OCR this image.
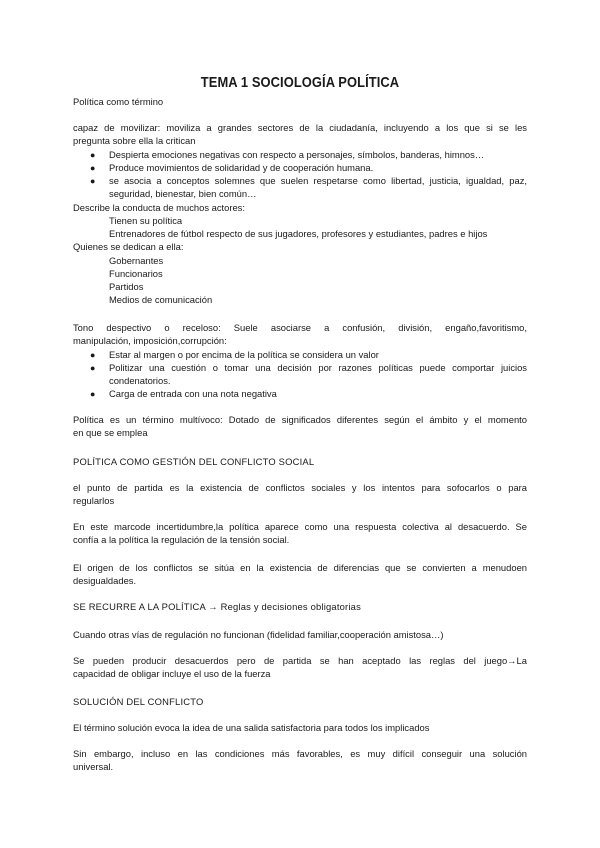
TEMA 1 SOCIOLOGÍA POLÍTICA
Política como término
capaz de movilizar: moviliza a grandes sectores de la ciudadanía, incluyendo a los que si se les
pregunta sobre ella la critican
● Despierta emociones negativas con respecto a personajes, símbolos, banderas, himnos…
● Produce movimientos de solidaridad y de cooperación humana.
● se asocia a conceptos solemnes que suelen respetarse como libertad, justicia, igualdad, paz,
seguridad, bienestar, bien común…
Describe la conducta de muchos actores:
Tienen su política
Entrenadores de fútbol respecto de sus jugadores, profesores y estudiantes, padres e hijos
Quienes se dedican a ella:
Gobernantes
Funcionarios
Partidos
Medios de comunicación
Tono despectivo o receloso: Suele asociarse a confusión, división, engaño,favoritismo,
manipulación, imposición,corrupción:
● Estar al margen o por encima de la política se considera un valor
● Politizar una cuestión o tomar una decisión por razones políticas puede comportar juicios
condenatorios.
● Carga de entrada con una nota negativa
Política es un término multívoco: Dotado de significados diferentes según el ámbito y el momento
en que se emplea
POLÍTICA COMO GESTIÓN DEL CONFLICTO SOCIAL
el punto de partida es la existencia de conflictos sociales y los intentos para sofocarlos o para
regularlos
En este marcode incertidumbre,la política aparece como una respuesta colectiva al desacuerdo. Se
confía a la política la regulación de la tensión social.
El origen de los conflictos se sitúa en la existencia de diferencias que se convierten a menudoen
desigualdades.
SE RECURRE A LA POLÍTICA → Reglas y decisiones obligatorias
Cuando otras vías de regulación no funcionan (fidelidad familiar,cooperación amistosa…)
Se pueden producir desacuerdos pero de partida se han aceptado las reglas del juego→La
capacidad de obligar incluye el uso de la fuerza
SOLUCIÓN DEL CONFLICTO
El término solución evoca la idea de una salida satisfactoria para todos los implicados
Sin embargo, incluso en las condiciones más favorables, es muy difícil conseguir una solución
universal.
